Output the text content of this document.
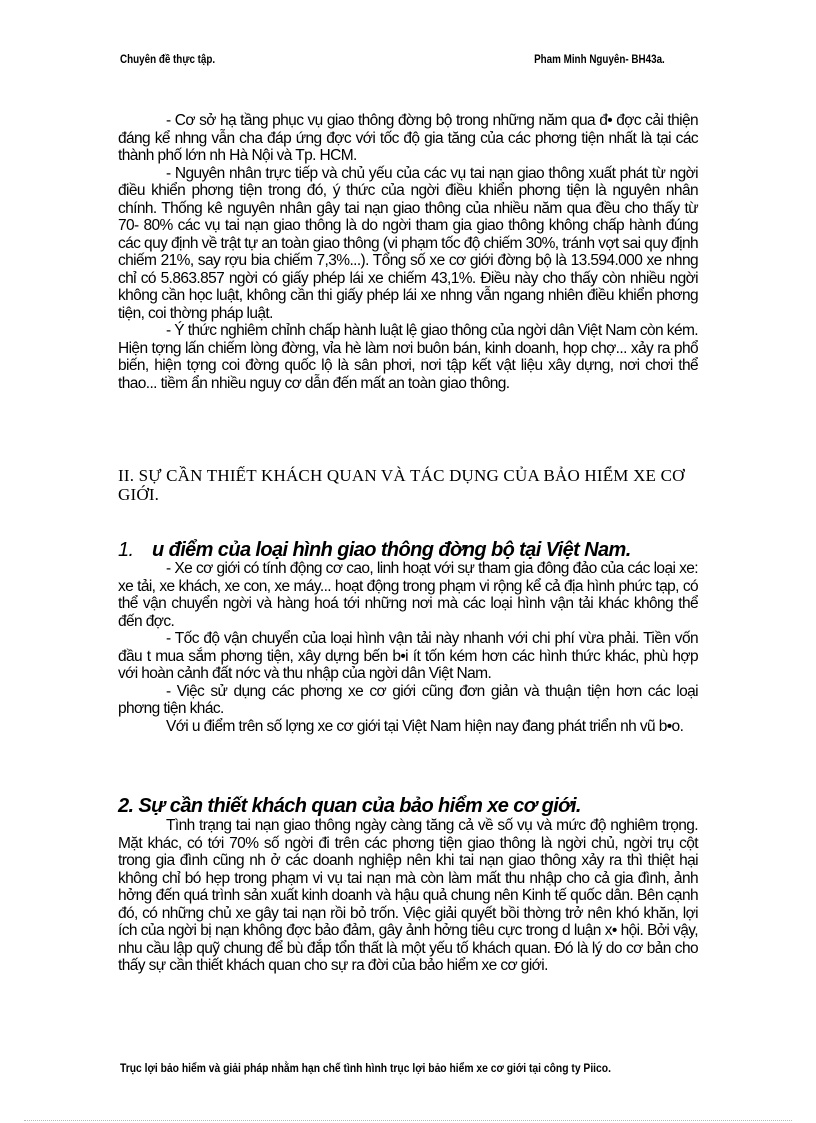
Chuyên đề thực tập.	Pham Minh Nguyên- BH43a.

- Cơ sở hạ tầng phục vụ giao thông đờng bộ trong những năm qua đ• đợc cải thiện đáng kể nhng vẫn cha đáp ứng đợc với tốc độ gia tăng của các phơng tiện nhất là tại các thành phố lớn nh Hà Nội và Tp. HCM.

- Nguyên nhân trực tiếp và chủ yếu của các vụ tai nạn giao thông xuất phát từ ngời điều khiển phơng tiện trong đó, ý thức của ngời điều khiển phơng tiện là nguyên nhân chính. Thống kê nguyên nhân gây tai nạn giao thông của nhiều năm qua đều cho thấy từ 70- 80% các vụ tai nạn giao thông là do ngời tham gia giao thông không chấp hành đúng các quy định về trật tự an toàn giao thông (vi phạm tốc độ chiếm 30%, tránh vợt sai quy định chiếm 21%, say rợu bia chiếm 7,3%...). Tổng số xe cơ giới đờng bộ là 13.594.000 xe nhng chỉ có 5.863.857 ngời có giấy phép lái xe chiếm 43,1%. Điều này cho thấy còn nhiều ngời không cần học luật, không cần thi giấy phép lái xe nhng vẫn ngang nhiên điều khiển phơng tiện, coi thờng pháp luật.

- Ý thức nghiêm chỉnh chấp hành luật lệ giao thông của ngời dân Việt Nam còn kém. Hiện tợng lấn chiếm lòng đờng, vỉa hè làm nơi buôn bán, kinh doanh, họp chợ... xảy ra phổ biến, hiện tợng coi đờng quốc lộ là sân phơi, nơi tập kết vật liệu xây dựng, nơi chơi thể thao... tiềm ẩn nhiều nguy cơ dẫn đến mất an toàn giao thông.

II. SỰ CẦN THIẾT KHÁCH QUAN VÀ TÁC DỤNG CỦA BẢO HIỂM XE CƠ GIỚI.
1. u điểm của loại hình giao thông đờng bộ tại Việt Nam.

- Xe cơ giới có tính động cơ cao, linh hoạt với sự tham gia đông đảo của các loại xe: xe tải, xe khách, xe con, xe máy... hoạt động trong phạm vi rộng kể cả địa hình phức tạp, có thể vận chuyển ngời và hàng hoá tới những nơi mà các loại hình vận tải khác không thể đến đợc.

- Tốc độ vận chuyển của loại hình vận tải này nhanh với chi phí vừa phải. Tiền vốn đầu t mua sắm phơng tiện, xây dựng bến b•i ít tốn kém hơn các hình thức khác, phù hợp với hoàn cảnh đất nớc và thu nhập của ngời dân Việt Nam.

- Việc sử dụng các phơng xe cơ giới cũng đơn giản và thuận tiện hơn các loại phơng tiện khác.

Với u điểm trên số lợng xe cơ giới tại Việt Nam hiện nay đang phát triển nh vũ b•o.

2. Sự cần thiết khách quan của bảo hiểm xe cơ giới.

Tình trạng tai nạn giao thông ngày càng tăng cả về số vụ và mức độ nghiêm trọng. Mặt khác, có tới 70% số ngời đi trên các phơng tiện giao thông là ngời chủ, ngời trụ cột trong gia đình cũng nh ở các doanh nghiệp nên khi tai nạn giao thông xảy ra thì thiệt hại không chỉ bó hẹp trong phạm vi vụ tai nạn mà còn làm mất thu nhập cho cả gia đình, ảnh hởng đến quá trình sản xuất kinh doanh và hậu quả chung nên Kinh tế quốc dân. Bên cạnh đó, có những chủ xe gây tai nạn rồi bỏ trốn. Việc giải quyết bồi thờng trở nên khó khăn, lợi ích của ngời bị nạn không đợc bảo đảm, gây ảnh hởng tiêu cực trong d luận x• hội. Bởi vậy, nhu cầu lập quỹ chung để bù đắp tổn thất là một yếu tố khách quan. Đó là lý do cơ bản cho thấy sự cần thiết khách quan cho sự ra đời của bảo hiểm xe cơ giới.

Trục lợi bảo hiểm và giải pháp nhằm hạn chế tình hình trục lợi bảo hiểm xe cơ giới tại công ty Piico.
